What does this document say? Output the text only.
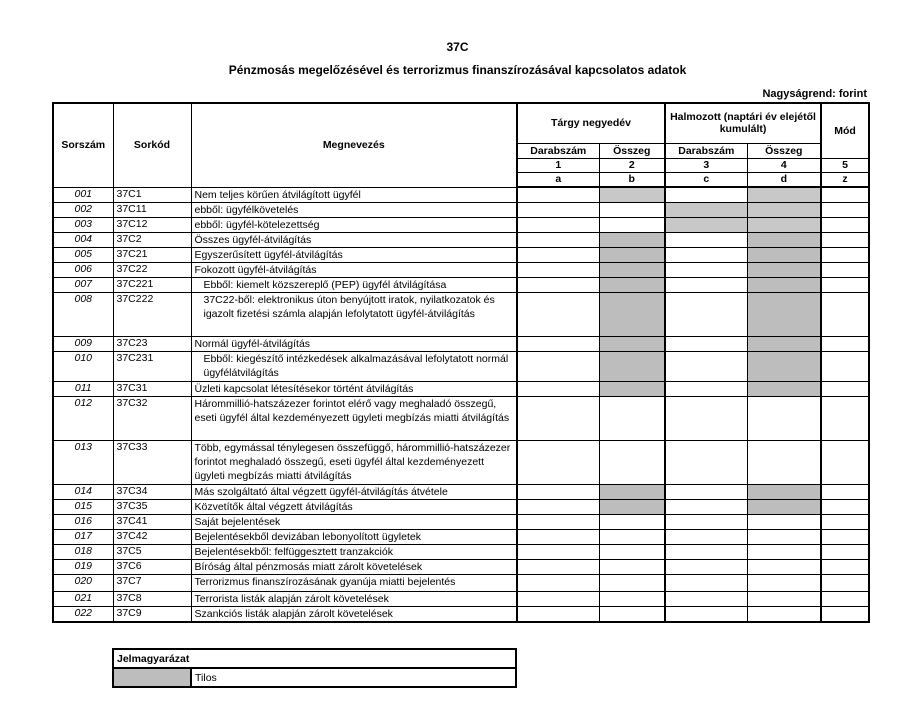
37C
Pénzmosás megelőzésével és terrorizmus finanszírozásával kapcsolatos adatok
Nagyságrend: forint
Sorszám	Sorkód	Megnevezés	Tárgy negyedév		Halmozott (naptári év elejétől kumulált)		Mód
			Darabszám	Összeg	Darabszám	Összeg	
			1	2	3	4	5
			a	b	c	d	z
001	37C1	Nem teljes körűen átvilágított ügyfél					
002	37C11	ebből: ügyfélkövetelés					
003	37C12	ebből: ügyfél-kötelezettség					
004	37C2	Összes ügyfél-átvilágítás					
005	37C21	Egyszerűsített ügyfél-átvilágítás					
006	37C22	Fokozott ügyfél-átvilágítás					
007	37C221	Ebből: kiemelt közszereplő (PEP) ügyfél átvilágítása					
008	37C222	37C22-ből: elektronikus úton benyújtott iratok, nyilatkozatok és igazolt fizetési számla alapján lefolytatott ügyfél-átvilágítás					
009	37C23	Normál ügyfél-átvilágítás					
010	37C231	Ebből: kiegészítő intézkedések alkalmazásával lefolytatott normál ügyfélátvilágítás					
011	37C31	Üzleti kapcsolat létesítésekor történt átvilágítás					
012	37C32	Hárommillió-hatszázezer forintot elérő vagy meghaladó összegű, eseti ügyfél által kezdeményezett ügyleti megbízás miatti átvilágítás					
013	37C33	Több, egymással ténylegesen összefüggő, hárommillió-hatszázezer forintot meghaladó összegű, eseti ügyfél által kezdeményezett ügyleti megbízás miatti átvilágítás					
014	37C34	Más szolgáltató által végzett ügyfél-átvilágítás átvétele					
015	37C35	Közvetítők által végzett átvilágítás					
016	37C41	Saját bejelentések					
017	37C42	Bejelentésekből devizában lebonyolított ügyletek					
018	37C5	Bejelentésekből: felfüggesztett tranzakciók					
019	37C6	Bíróság által pénzmosás miatt zárolt követelések					
020	37C7	Terrorizmus finanszírozásának gyanúja miatti bejelentés					
021	37C8	Terrorista listák alapján zárolt követelések					
022	37C9	Szankciós listák alapján zárolt követelések					
Jelmagyarázat
	Tilos
